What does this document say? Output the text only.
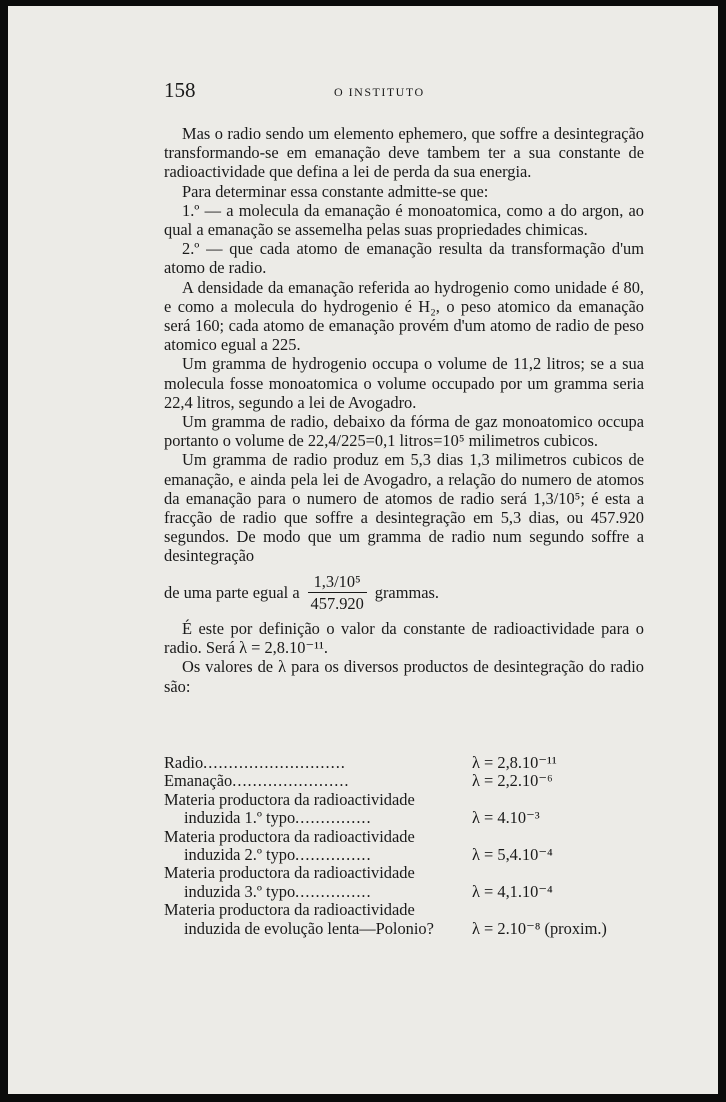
158	O INSTITUTO

Mas o radio sendo um elemento ephemero, que soffre a desintegração transformando-se em emanação deve tambem ter a sua constante de radioactividade que defina a lei de perda da sua energia.

Para determinar essa constante admitte-se que:

1.º — a molecula da emanação é monoatomica, como a do argon, ao qual a emanação se assemelha pelas suas propriedades chimicas.

2.º — que cada atomo de emanação resulta da transformação d'um atomo de radio.

A densidade da emanação referida ao hydrogenio como unidade é 80, e como a molecula do hydrogenio é H₂, o peso atomico da emanação será 160; cada atomo de emanação provém d'um atomo de radio de peso atomico egual a 225.

Um gramma de hydrogenio occupa o volume de 11,2 litros; se a sua molecula fosse monoatomica o volume occupado por um gramma seria 22,4 litros, segundo a lei de Avogadro.

Um gramma de radio, debaixo da fórma de gaz monoatomico occupa portanto o volume de 22,4/225=0,1 litros=10⁵ milimetros cubicos.

Um gramma de radio produz em 5,3 dias 1,3 milimetros cubicos de emanação, e ainda pela lei de Avogadro, a relação do numero de atomos da emanação para o numero de atomos de radio será 1,3/10⁵; é esta a fracção de radio que soffre a desintegração em 5,3 dias, ou 457.920 segundos. De modo que um gramma de radio num segundo soffre a desintegração

de uma parte egual a $\frac{\text{1,3/10⁵}}{457.920}$ grammas.

É este por definição o valor da constante de radioactividade para o radio. Será λ = 2,8.10⁻¹¹.

Os valores de λ para os diversos productos de desintegração do radio são:

Radio............................	λ = 2,8.10⁻¹¹
Emanação.......................	λ = 2,2.10⁻⁶
Materia productora da radioactividade
induzida 1.º typo...............	λ = 4.10⁻³
Materia productora da radioactividade
induzida 2.º typo...............	λ = 5,4.10⁻⁴
Materia productora da radioactividade
induzida 3.º typo...............	λ = 4,1.10⁻⁴
Materia productora da radioactividade
induzida de evolução lenta—Polonio?	λ = 2.10⁻⁸ (proxim.)
